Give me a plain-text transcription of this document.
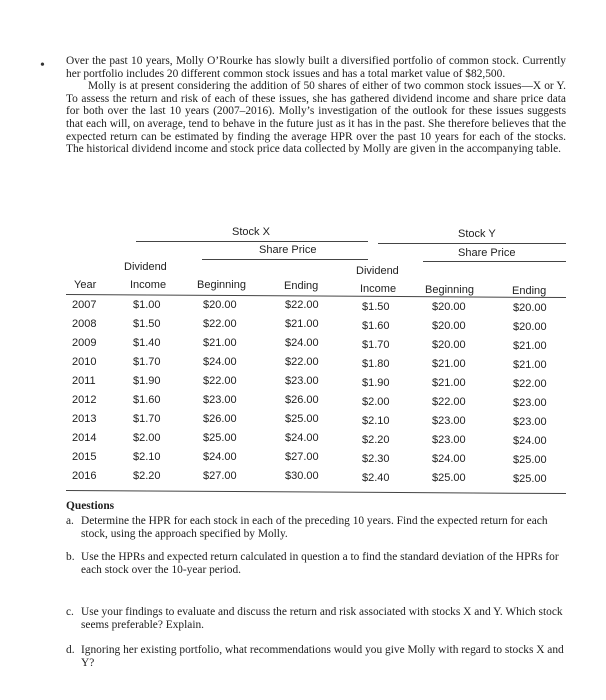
• Over the past 10 years, Molly O’Rourke has slowly built a diversified portfolio of common stock. Currently her portfolio includes 20 different common stock issues and has a total market value of $82,500.

Molly is at present considering the addition of 50 shares of either of two common stock issues—X or Y. To assess the return and risk of each of these issues, she has gathered dividend income and share price data for both over the last 10 years (2007–2016). Molly’s investigation of the outlook for these issues suggests that each will, on average, tend to behave in the future just as it has in the past. She therefore believes that the expected return can be estimated by finding the average HPR over the past 10 years for each of the stocks. The historical dividend income and stock price data collected by Molly are given in the accompanying table.

Stock X	Stock Y
Share Price	Share Price
Dividend	Dividend
Year	Income	Beginning	Ending	Income	Beginning	Ending
2007	$1.00	$20.00	$22.00	$1.50	$20.00	$20.00
2008	$1.50	$22.00	$21.00	$1.60	$20.00	$20.00
2009	$1.40	$21.00	$24.00	$1.70	$20.00	$21.00
2010	$1.70	$24.00	$22.00	$1.80	$21.00	$21.00
2011	$1.90	$22.00	$23.00	$1.90	$21.00	$22.00
2012	$1.60	$23.00	$26.00	$2.00	$22.00	$23.00
2013	$1.70	$26.00	$25.00	$2.10	$23.00	$23.00
2014	$2.00	$25.00	$24.00	$2.20	$23.00	$24.00
2015	$2.10	$24.00	$27.00	$2.30	$24.00	$25.00
2016	$2.20	$27.00	$30.00	$2.40	$25.00	$25.00
Questions
a. Determine the HPR for each stock in each of the preceding 10 years. Find the expected return for each stock, using the approach specified by Molly.
b. Use the HPRs and expected return calculated in question a to find the standard deviation of the HPRs for each stock over the 10-year period.
c. Use your findings to evaluate and discuss the return and risk associated with stocks X and Y. Which stock seems preferable? Explain.
d. Ignoring her existing portfolio, what recommendations would you give Molly with regard to stocks X and Y?
